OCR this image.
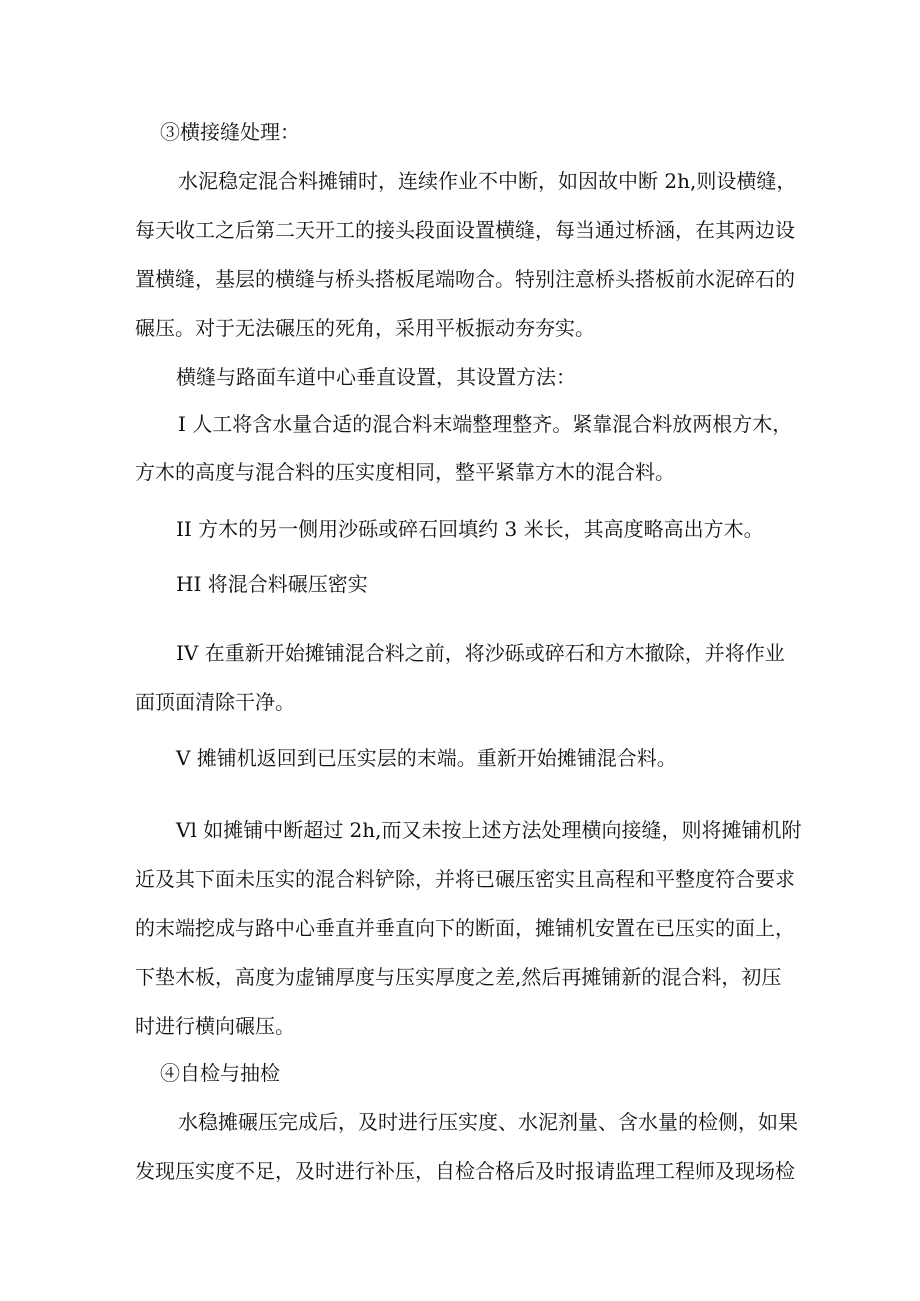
③横接缝处理：
水泥稳定混合料摊铺时，连续作业不中断，如因故中断 2h,则设横缝，
每天收工之后第二天开工的接头段面设置横缝，每当通过桥涵，在其两边设
置横缝，基层的横缝与桥头搭板尾端吻合。特别注意桥头搭板前水泥碎石的
碾压。对于无法碾压的死角，采用平板振动夯夯实。
横缝与路面车道中心垂直设置，其设置方法：
I 人工将含水量合适的混合料末端整理整齐。紧靠混合料放两根方木，
方木的高度与混合料的压实度相同，整平紧靠方木的混合料。
II 方木的另一侧用沙砾或碎石回填约 3 米长，其高度略高出方木。
HI 将混合料碾压密实
IV 在重新开始摊铺混合料之前，将沙砾或碎石和方木撤除，并将作业
面顶面清除干净。
V 摊铺机返回到已压实层的末端。重新开始摊铺混合料。
Vl 如摊铺中断超过 2h,而又未按上述方法处理横向接缝，则将摊铺机附
近及其下面未压实的混合料铲除，并将已碾压密实且高程和平整度符合要求
的末端挖成与路中心垂直并垂直向下的断面，摊铺机安置在已压实的面上，
下垫木板，高度为虚铺厚度与压实厚度之差,然后再摊铺新的混合料，初压
时进行横向碾压。
④自检与抽检
水稳摊碾压完成后，及时进行压实度、水泥剂量、含水量的检侧，如果
发现压实度不足，及时进行补压，自检合格后及时报请监理工程师及现场检
